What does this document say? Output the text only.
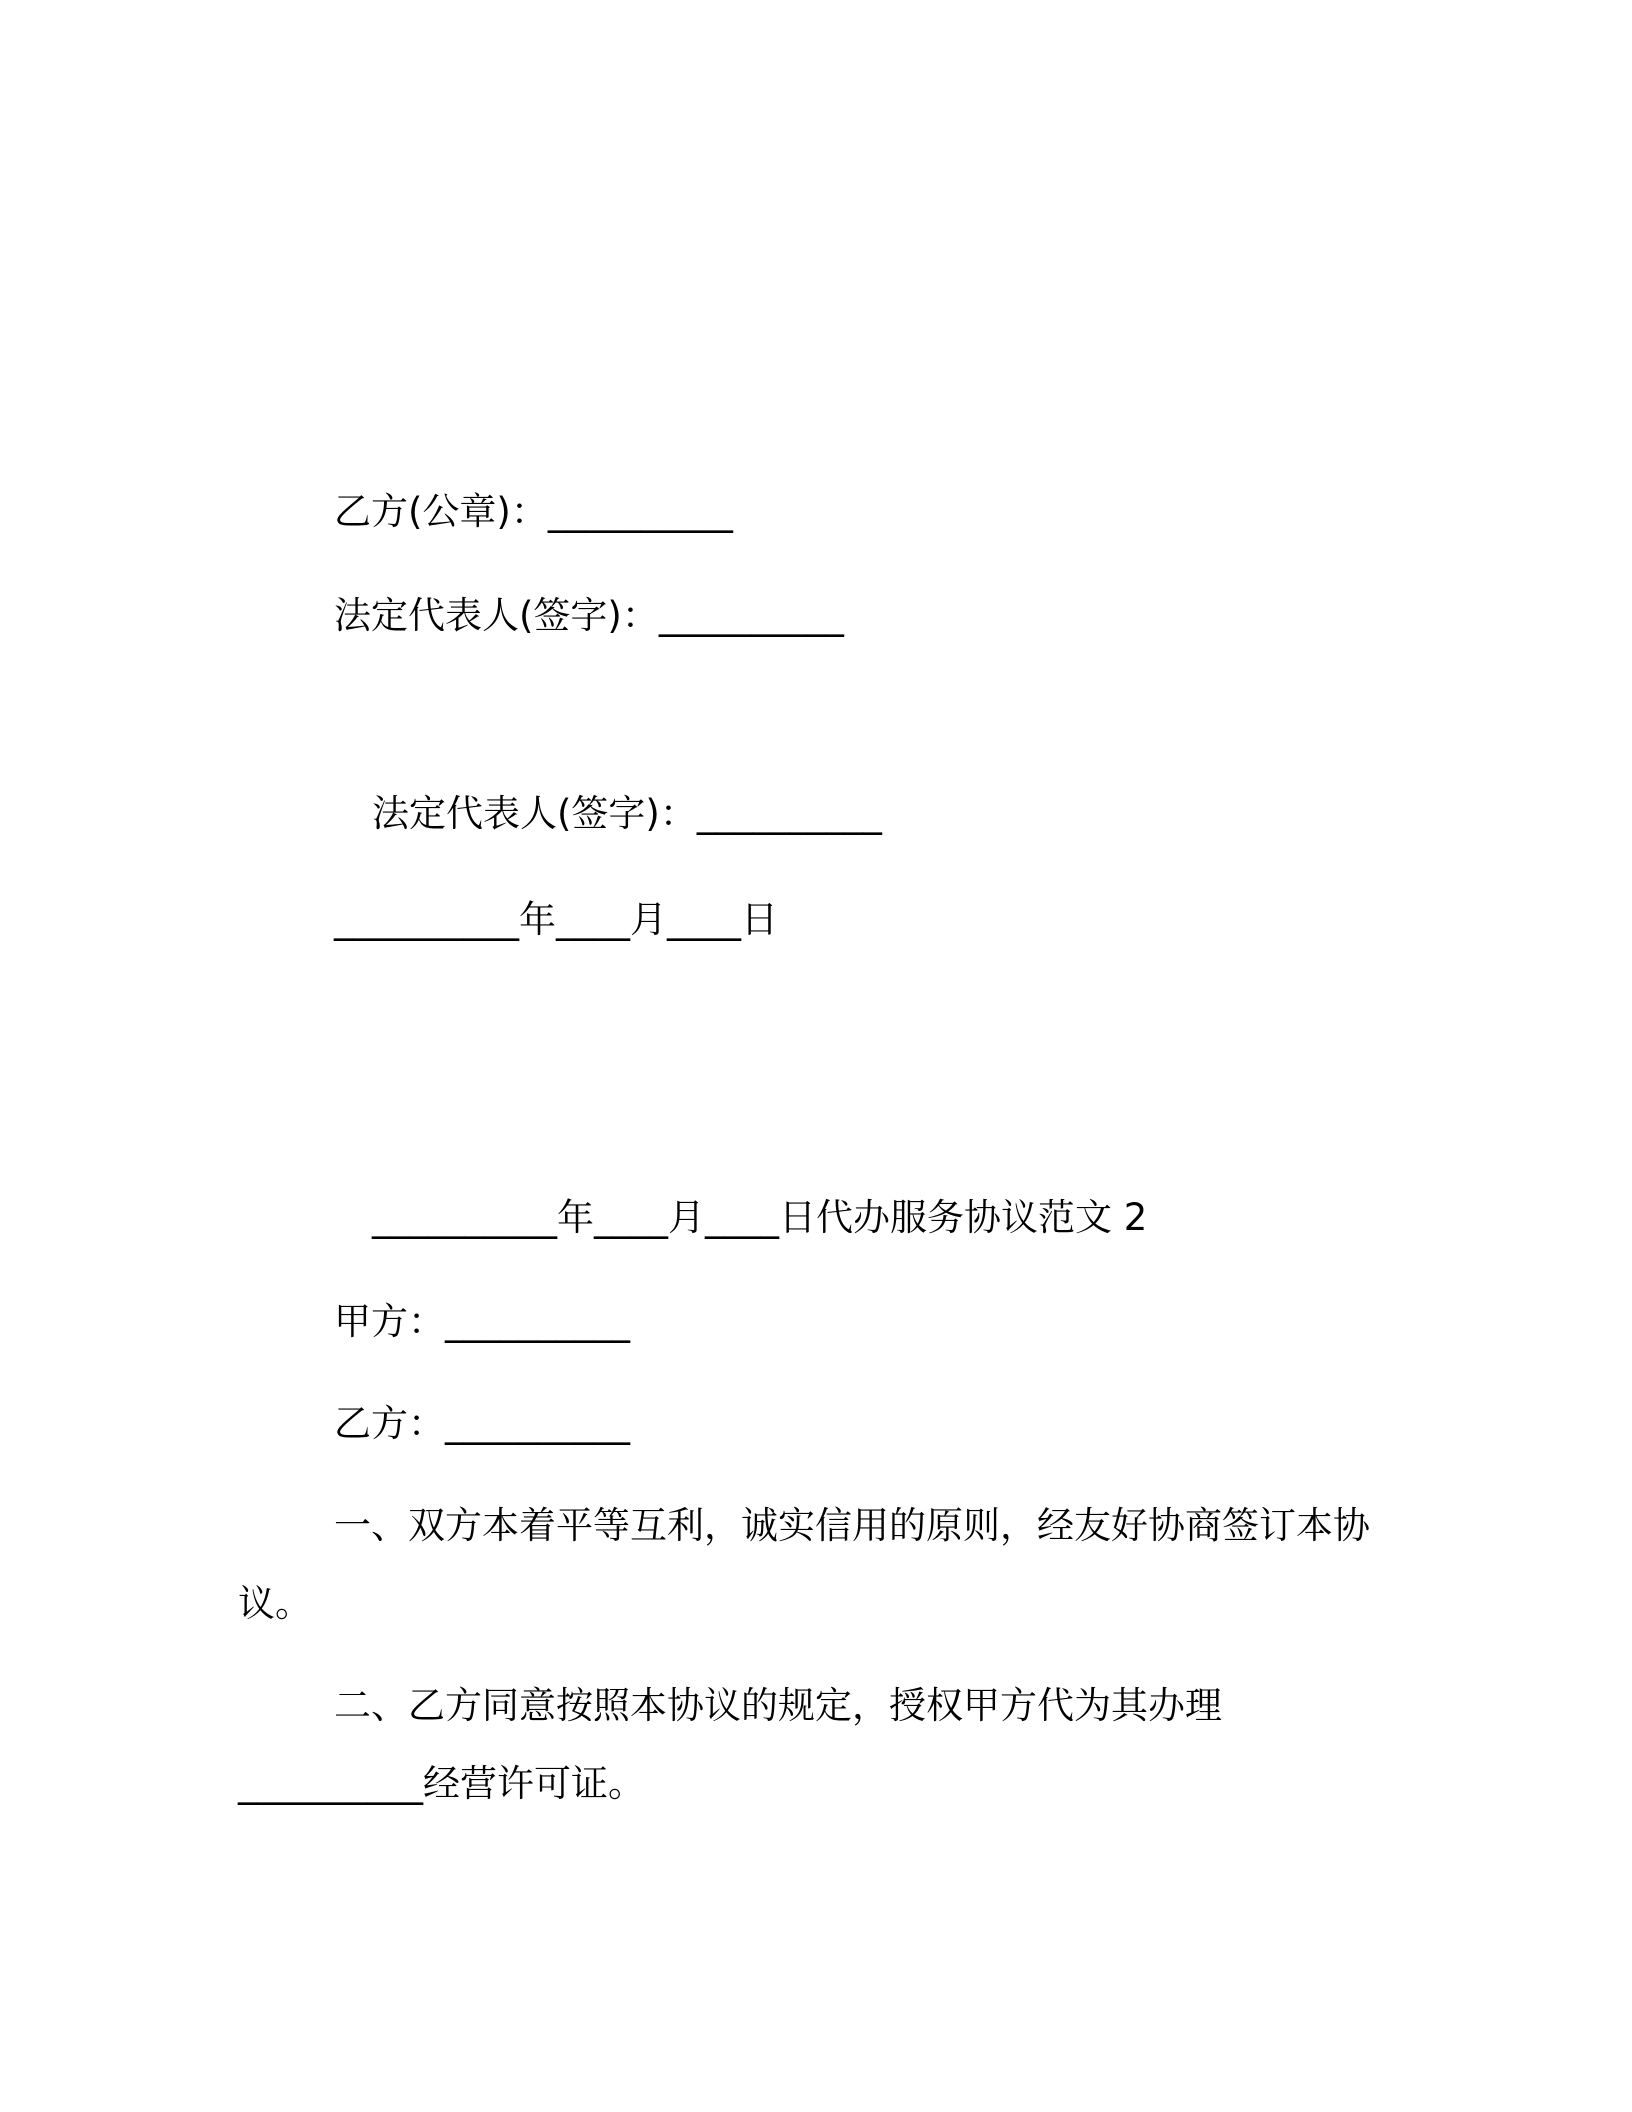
乙方(公章)：__________
法定代表人(签字)：__________
法定代表人(签字)：__________
__________年____月____日
__________年____月____日代办服务协议范文 2
甲方：__________
乙方：__________
一、双方本着平等互利，诚实信用的原则，经友好协商签订本协
议。
二、乙方同意按照本协议的规定，授权甲方代为其办理
__________经营许可证。
